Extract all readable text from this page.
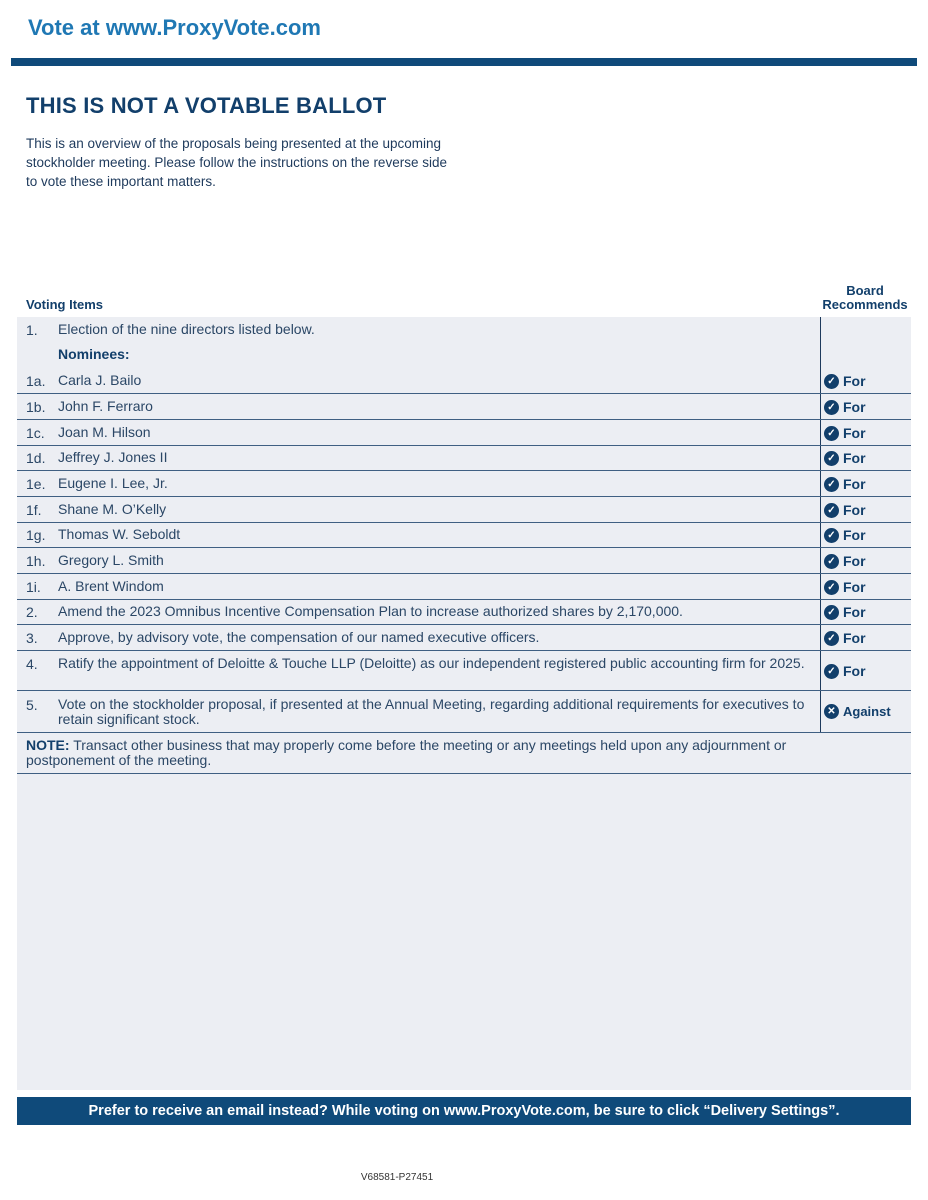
Vote at www.ProxyVote.com
THIS IS NOT A VOTABLE BALLOT
This is an overview of the proposals being presented at the upcoming stockholder meeting. Please follow the instructions on the reverse side to vote these important matters.
Voting Items
Board
Recommends
1. Election of the nine directors listed below.
Nominees:
1a. Carla J. Bailo	✓ For
1b. John F. Ferraro	✓ For
1c. Joan M. Hilson	✓ For
1d. Jeffrey J. Jones II	✓ For
1e. Eugene I. Lee, Jr.	✓ For
1f. Shane M. O’Kelly	✓ For
1g. Thomas W. Seboldt	✓ For
1h. Gregory L. Smith	✓ For
1i. A. Brent Windom	✓ For
2. Amend the 2023 Omnibus Incentive Compensation Plan to increase authorized shares by 2,170,000.	✓ For
3. Approve, by advisory vote, the compensation of our named executive officers.	✓ For
4. Ratify the appointment of Deloitte & Touche LLP (Deloitte) as our independent registered public accounting firm for 2025.	✓ For
5. Vote on the stockholder proposal, if presented at the Annual Meeting, regarding additional requirements for executives to retain significant stock.	✕ Against
NOTE: Transact other business that may properly come before the meeting or any meetings held upon any adjournment or postponement of the meeting.
Prefer to receive an email instead? While voting on www.ProxyVote.com, be sure to click “Delivery Settings”.
V68581-P27451
